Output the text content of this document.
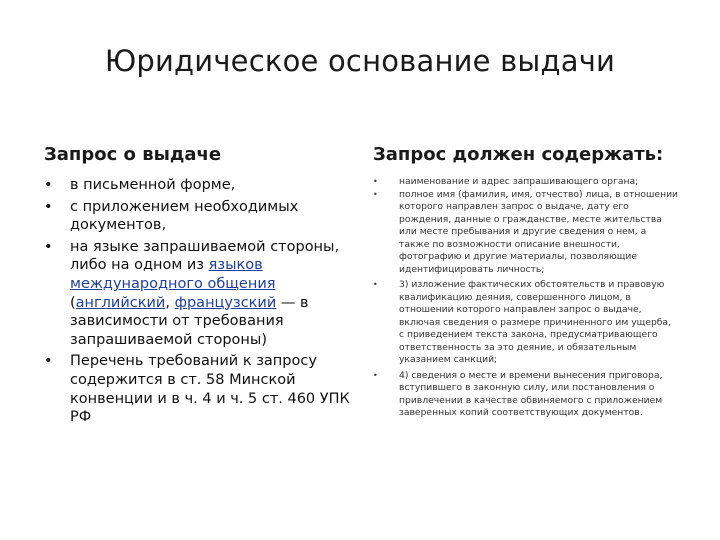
Юридическое основание выдачи
Запрос о выдаче	Запрос должен содержать:
• в письменной форме,
• с приложением необходимых документов,
• на языке запрашиваемой стороны, либо на одном из языков международного общения (английский, французский — в зависимости от требования запрашиваемой стороны)
• Перечень требований к запросу содержится в ст. 58 Минской конвенции и в ч. 4 и ч. 5 ст. 460 УПК РФ
• наименование и адрес запрашивающего органа;
• полное имя (фамилия, имя, отчество) лица, в отношении которого направлен запрос о выдаче, дату его рождения, данные о гражданстве, месте жительства или месте пребывания и другие сведения о нем, а также по возможности описание внешности, фотографию и другие материалы, позволяющие идентифицировать личность;
• 3) изложение фактических обстоятельств и правовую квалификацию деяния, совершенного лицом, в отношении которого направлен запрос о выдаче, включая сведения о размере причиненного им ущерба, с приведением текста закона, предусматривающего ответственность за это деяние, и обязательным указанием санкций;
• 4) сведения о месте и времени вынесения приговора, вступившего в законную силу, или постановления о привлечении в качестве обвиняемого с приложением заверенных копий соответствующих документов.
